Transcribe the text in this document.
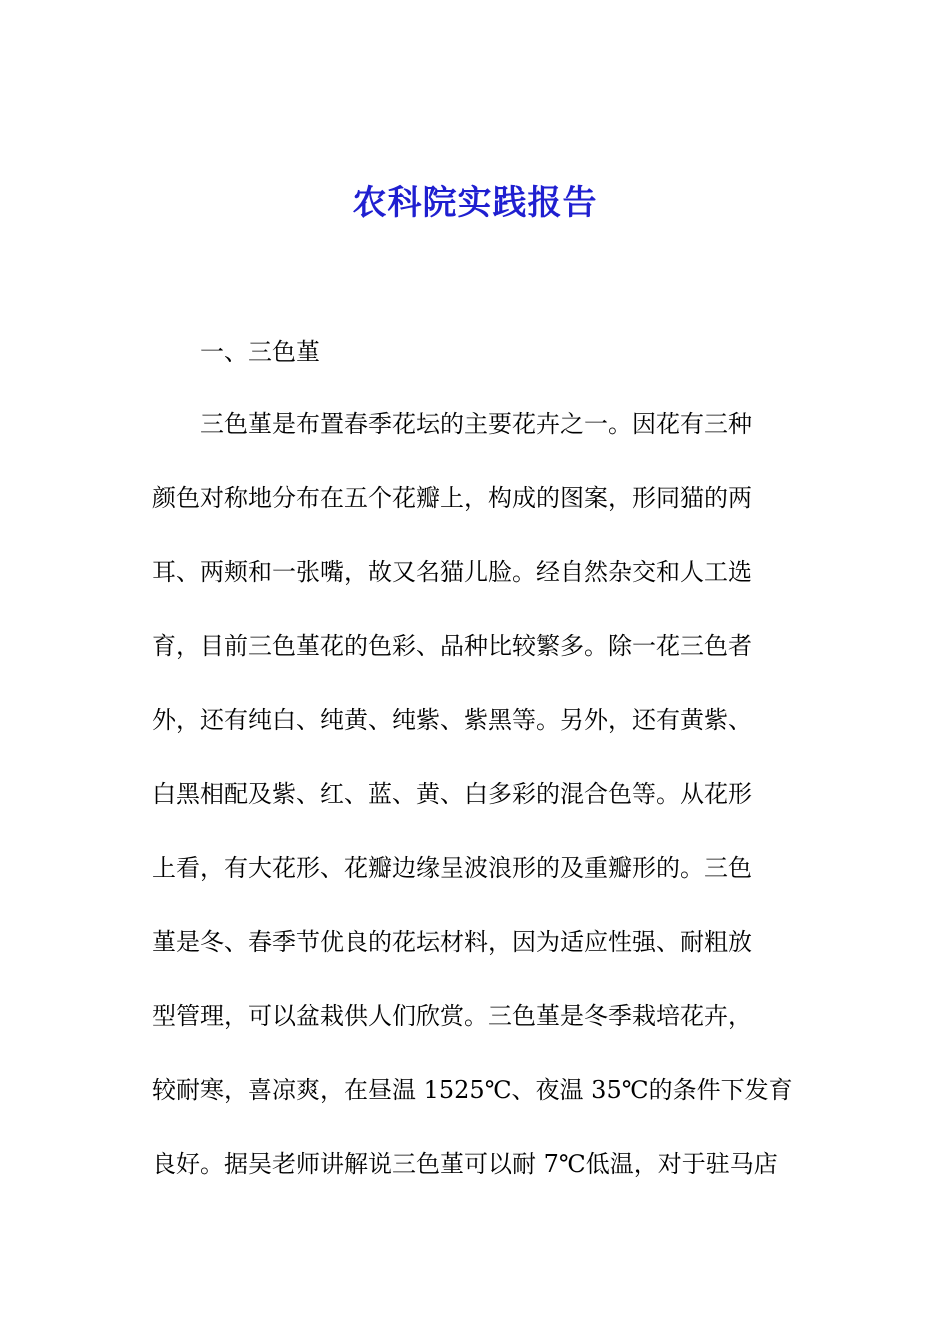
农科院实践报告

一、三色堇

三色堇是布置春季花坛的主要花卉之一。因花有三种
颜色对称地分布在五个花瓣上，构成的图案，形同猫的两
耳、两颊和一张嘴，故又名猫儿脸。经自然杂交和人工选
育，目前三色堇花的色彩、品种比较繁多。除一花三色者
外，还有纯白、纯黄、纯紫、紫黑等。另外，还有黄紫、
白黑相配及紫、红、蓝、黄、白多彩的混合色等。从花形
上看，有大花形、花瓣边缘呈波浪形的及重瓣形的。三色
堇是冬、春季节优良的花坛材料，因为适应性强、耐粗放
型管理，可以盆栽供人们欣赏。三色堇是冬季栽培花卉，
较耐寒，喜凉爽，在昼温 1525℃、夜温 35℃的条件下发育
良好。据吴老师讲解说三色堇可以耐 7℃低温，对于驻马店
